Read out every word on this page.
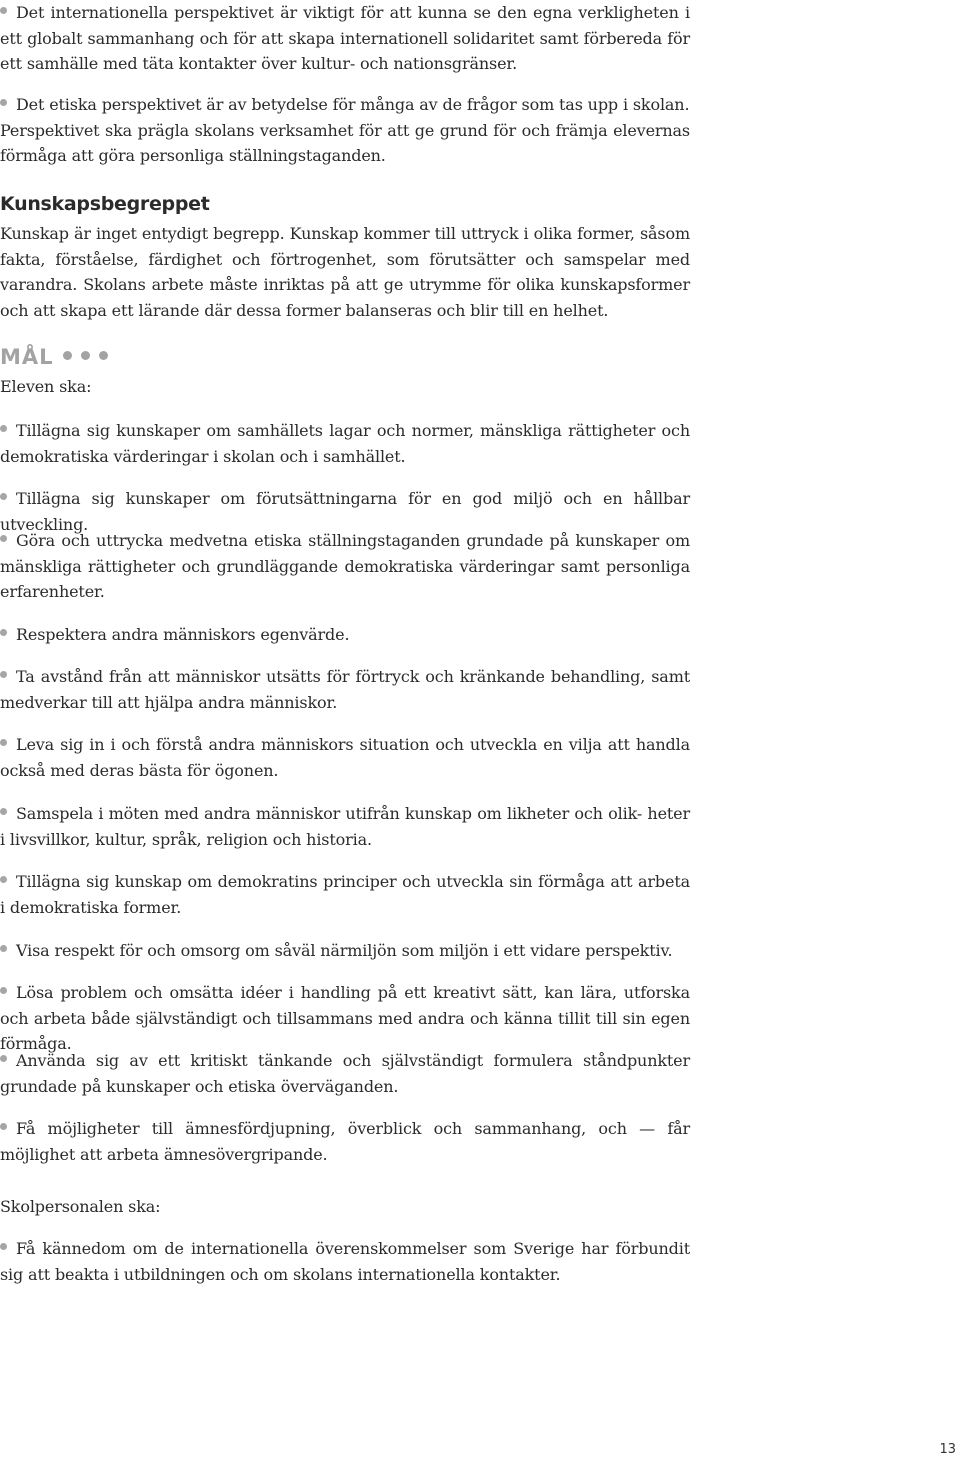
Det internationella perspektivet är viktigt för att kunna se den egna verkligheten i ett globalt sammanhang och för att skapa internationell solidaritet samt förbereda för ett samhälle med täta kontakter över kultur- och nationsgränser.
Det etiska perspektivet är av betydelse för många av de frågor som tas upp i skolan.
Perspektivet ska prägla skolans verksamhet för att ge grund för och främja elevernas förmåga att göra personliga ställningstaganden.
Kunskapsbegreppet
Kunskap är inget entydigt begrepp. Kunskap kommer till uttryck i olika former, såsom fakta, förståelse, färdighet och förtrogenhet, som förutsätter och samspelar med varandra. Skolans arbete måste inriktas på att ge utrymme för olika kunskapsformer och att skapa ett lärande där dessa former balanseras och blir till en helhet.
MÅL
Eleven ska:
Tillägna sig kunskaper om samhällets lagar och normer, mänskliga rättigheter och demokratiska värderingar i skolan och i samhället.
Tillägna sig kunskaper om förutsättningarna för en god miljö och en hållbar utveckling.
Göra och uttrycka medvetna etiska ställningstaganden grundade på kunskaper om mänskliga rättigheter och grundläggande demokratiska värderingar samt personliga erfarenheter.
Respektera andra människors egenvärde.
Ta avstånd från att människor utsätts för förtryck och kränkande behandling, samt medverkar till att hjälpa andra människor.
Leva sig in i och förstå andra människors situation och utveckla en vilja att handla också med deras bästa för ögonen.
Samspela i möten med andra människor utifrån kunskap om likheter och olik- heter i livsvillkor, kultur, språk, religion och historia.
Tillägna sig kunskap om demokratins principer och utveckla sin förmåga att arbeta i demokratiska former.
Visa respekt för och omsorg om såväl närmiljön som miljön i ett vidare perspektiv.
Lösa problem och omsätta idéer i handling på ett kreativt sätt, kan lära, utforska och arbeta både självständigt och tillsammans med andra och känna tillit till sin egen förmåga.
Använda sig av ett kritiskt tänkande och självständigt formulera ståndpunkter grundade på kunskaper och etiska överväganden.
Få möjligheter till ämnesfördjupning, överblick och sammanhang, och — får möjlighet att arbeta ämnesövergripande.
Skolpersonalen ska:
Få kännedom om de internationella överenskommelser som Sverige har förbundit sig att beakta i utbildningen och om skolans internationella kontakter.
13
